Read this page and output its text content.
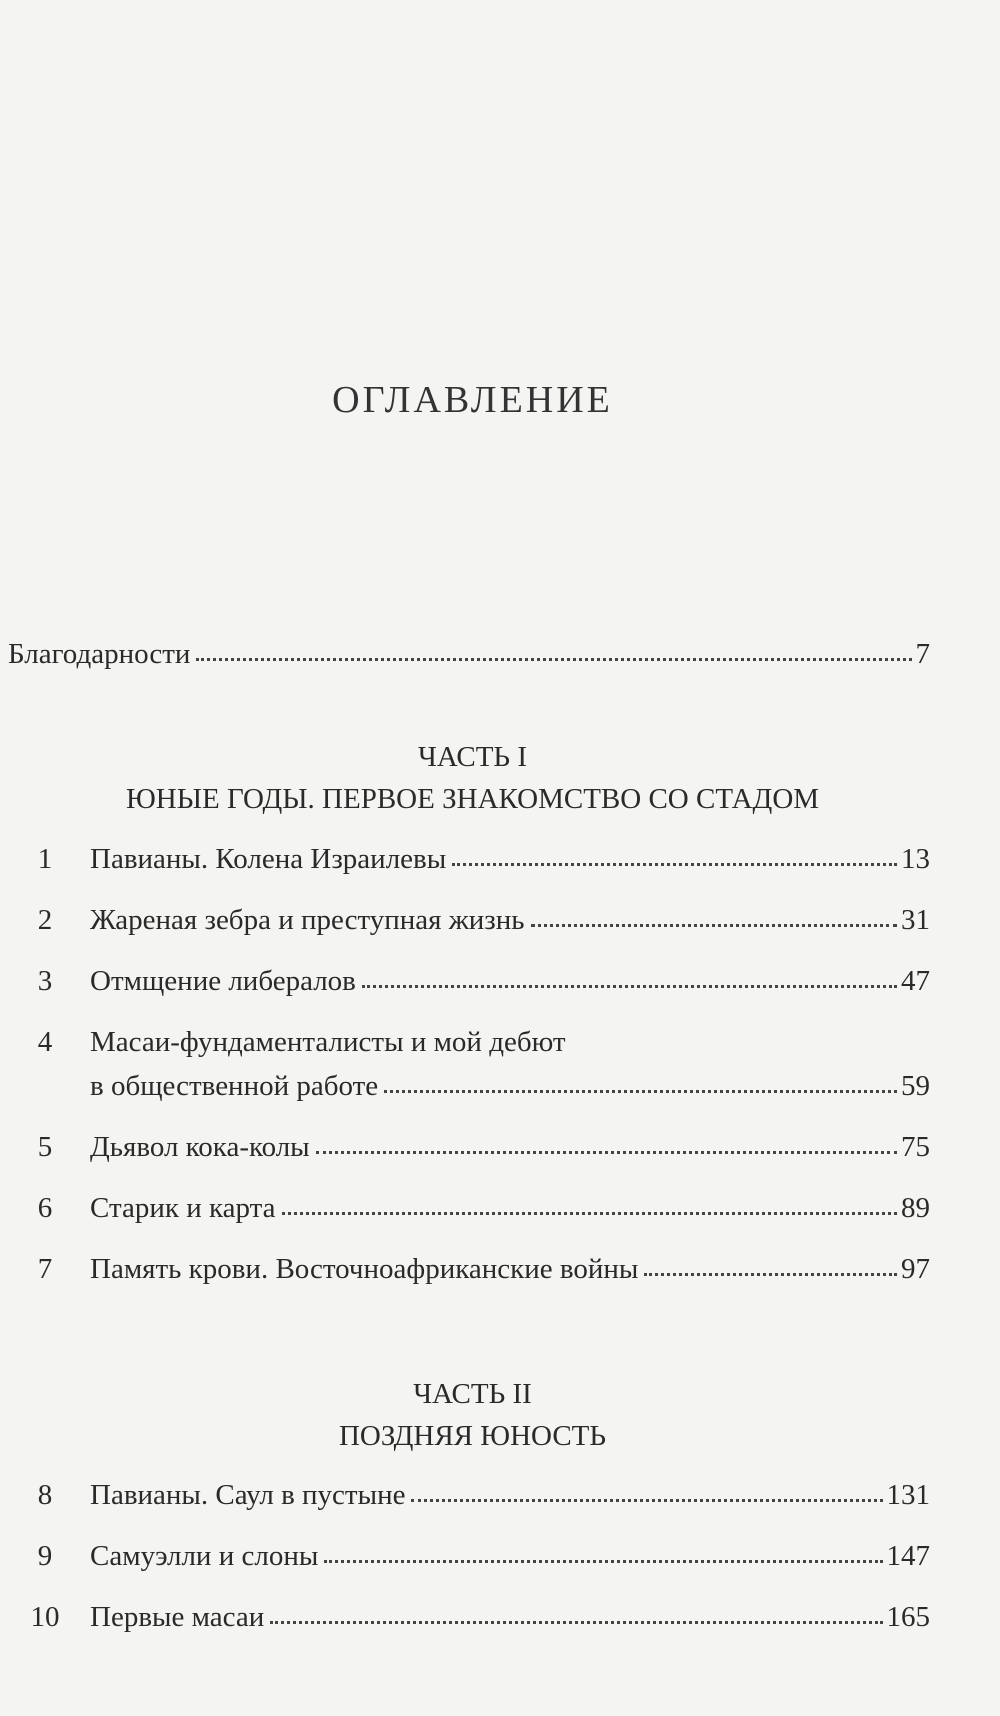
ОГЛАВЛЕНИЕ
Благодарности	7
ЧАСТЬ I
ЮНЫЕ ГОДЫ. ПЕРВОЕ ЗНАКОМСТВО СО СТАДОМ
1	Павианы. Колена Израилевы	13
2	Жареная зебра и преступная жизнь	31
3	Отмщение либералов	47
4	Масаи-фундаменталисты и мой дебют
в общественной работе	59
5	Дьявол кока-колы	75
6	Старик и карта	89
7	Память крови. Восточноафриканские войны	97
ЧАСТЬ II
ПОЗДНЯЯ ЮНОСТЬ
8	Павианы. Саул в пустыне	131
9	Самуэлли и слоны	147
10	Первые масаи	165
